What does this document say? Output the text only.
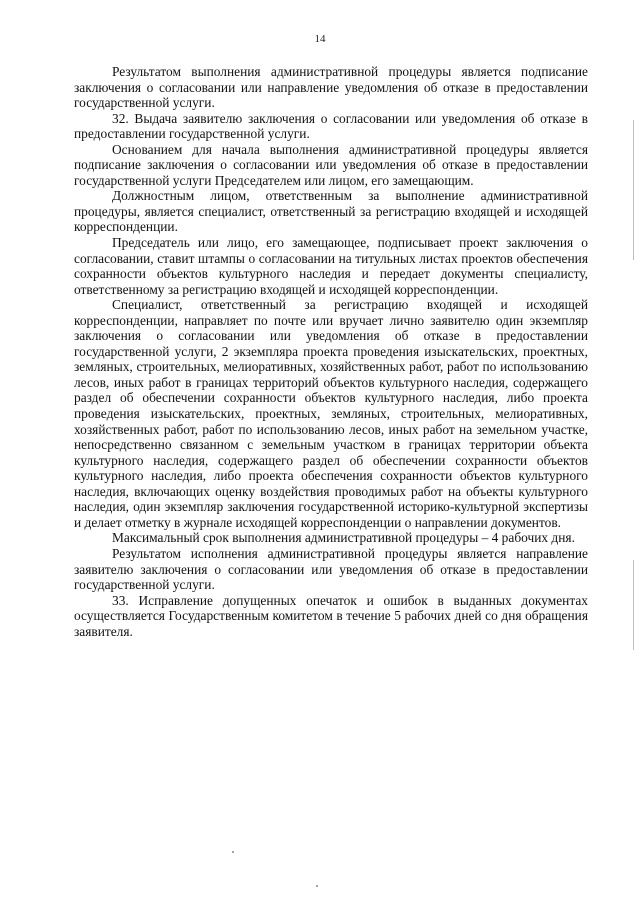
14

Результатом выполнения административной процедуры является подписание заключения о согласовании или направление уведомления об отказе в предоставлении государственной услуги.

32. Выдача заявителю заключения о согласовании или уведомления об отказе в предоставлении государственной услуги.

Основанием для начала выполнения административной процедуры является подписание заключения о согласовании или уведомления об отказе в предоставлении государственной услуги Председателем или лицом, его замещающим.

Должностным лицом, ответственным за выполнение административной процедуры, является специалист, ответственный за регистрацию входящей и исходящей корреспонденции.

Председатель или лицо, его замещающее, подписывает проект заключения о согласовании, ставит штампы о согласовании на титульных листах проектов обеспечения сохранности объектов культурного наследия и передает документы специалисту, ответственному за регистрацию входящей и исходящей корреспонденции.

Специалист, ответственный за регистрацию входящей и исходящей корреспонденции, направляет по почте или вручает лично заявителю один экземпляр заключения о согласовании или уведомления об отказе в предоставлении государственной услуги, 2 экземпляра проекта проведения изыскательских, проектных, земляных, строительных, мелиоративных, хозяйственных работ, работ по использованию лесов, иных работ в границах территорий объектов культурного наследия, содержащего раздел об обеспечении сохранности объектов культурного наследия, либо проекта проведения изыскательских, проектных, земляных, строительных, мелиоративных, хозяйственных работ, работ по использованию лесов, иных работ на земельном участке, непосредственно связанном с земельным участком в границах территории объекта культурного наследия, содержащего раздел об обеспечении сохранности объектов культурного наследия, либо проекта обеспечения сохранности объектов культурного наследия, включающих оценку воздействия проводимых работ на объекты культурного наследия, один экземпляр заключения государственной историко-культурной экспертизы и делает отметку в журнале исходящей корреспонденции о направлении документов.

Максимальный срок выполнения административной процедуры – 4 рабочих дня.

Результатом исполнения административной процедуры является направление заявителю заключения о согласовании или уведомления об отказе в предоставлении государственной услуги.

33. Исправление допущенных опечаток и ошибок в выданных документах осуществляется Государственным комитетом в течение 5 рабочих дней со дня обращения заявителя.
